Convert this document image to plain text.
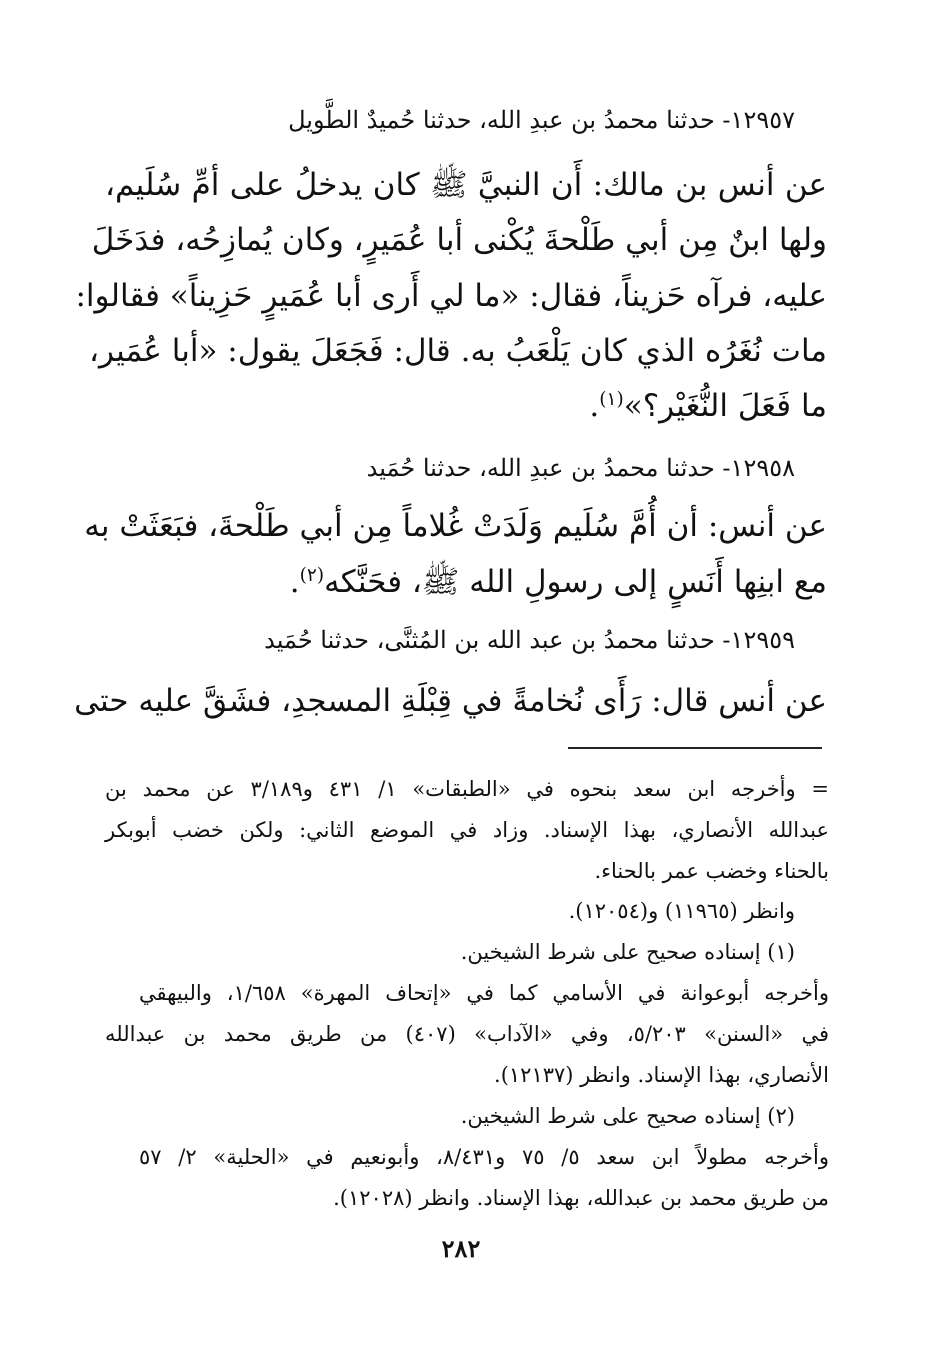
١٢٩٥٧- حدثنا محمدُ بن عبدِ الله، حدثنا حُميدٌ الطَّويل
عن أنس بن مالك: أَن النبيَّ ﷺ كان يدخلُ على أمِّ سُلَيم،
ولها ابنٌ مِن أبي طَلْحةَ يُكْنى أبا عُمَيرٍ، وكان يُمازِحُه، فدَخَلَ
عليه، فرآه حَزيناً، فقال: «ما لي أَرى أبا عُمَيرٍ حَزِيناً» فقالوا:
مات نُغَرُه الذي كان يَلْعَبُ به. قال: فَجَعَلَ يقول: «أبا عُمَير،
ما فَعَلَ النُّغَيْر؟»$^{(١)}$.
١٢٩٥٨- حدثنا محمدُ بن عبدِ الله، حدثنا حُمَيد
عن أنس: أن أُمَّ سُلَيم وَلَدَتْ غُلاماً مِن أبي طَلْحةَ، فبَعَثَتْ به
مع ابنِها أَنَسٍ إلى رسولِ الله ﷺ، فحَنَّكه$^{(٢)}$.
١٢٩٥٩- حدثنا محمدُ بن عبد الله بن المُثنَّى، حدثنا حُمَيد
عن أنس قال: رَأَى نُخامةً في قِبْلَةِ المسجدِ، فشَقَّ عليه حتى
= وأخرجه ابن سعد بنحوه في «الطبقات» ١/ ٤٣١ و٣/١٨٩ عن محمد بن
عبدالله الأنصاري، بهذا الإسناد. وزاد في الموضع الثاني: ولكن خضب أبوبكر
بالحناء وخضب عمر بالحناء.
وانظر (١١٩٦٥) و(١٢٠٥٤).
(١) إسناده صحيح على شرط الشيخين.
وأخرجه أبوعوانة في الأسامي كما في «إتحاف المهرة» ١/٦٥٨، والبيهقي
في «السنن» ٥/٢٠٣، وفي «الآداب» (٤٠٧) من طريق محمد بن عبدالله
الأنصاري، بهذا الإسناد. وانظر (١٢١٣٧).
(٢) إسناده صحيح على شرط الشيخين.
وأخرجه مطولاً ابن سعد ٥/ ٧٥ و٨/٤٣١، وأبونعيم في «الحلية» ٢/ ٥٧
من طريق محمد بن عبدالله، بهذا الإسناد. وانظر (١٢٠٢٨).
٢٨٢
